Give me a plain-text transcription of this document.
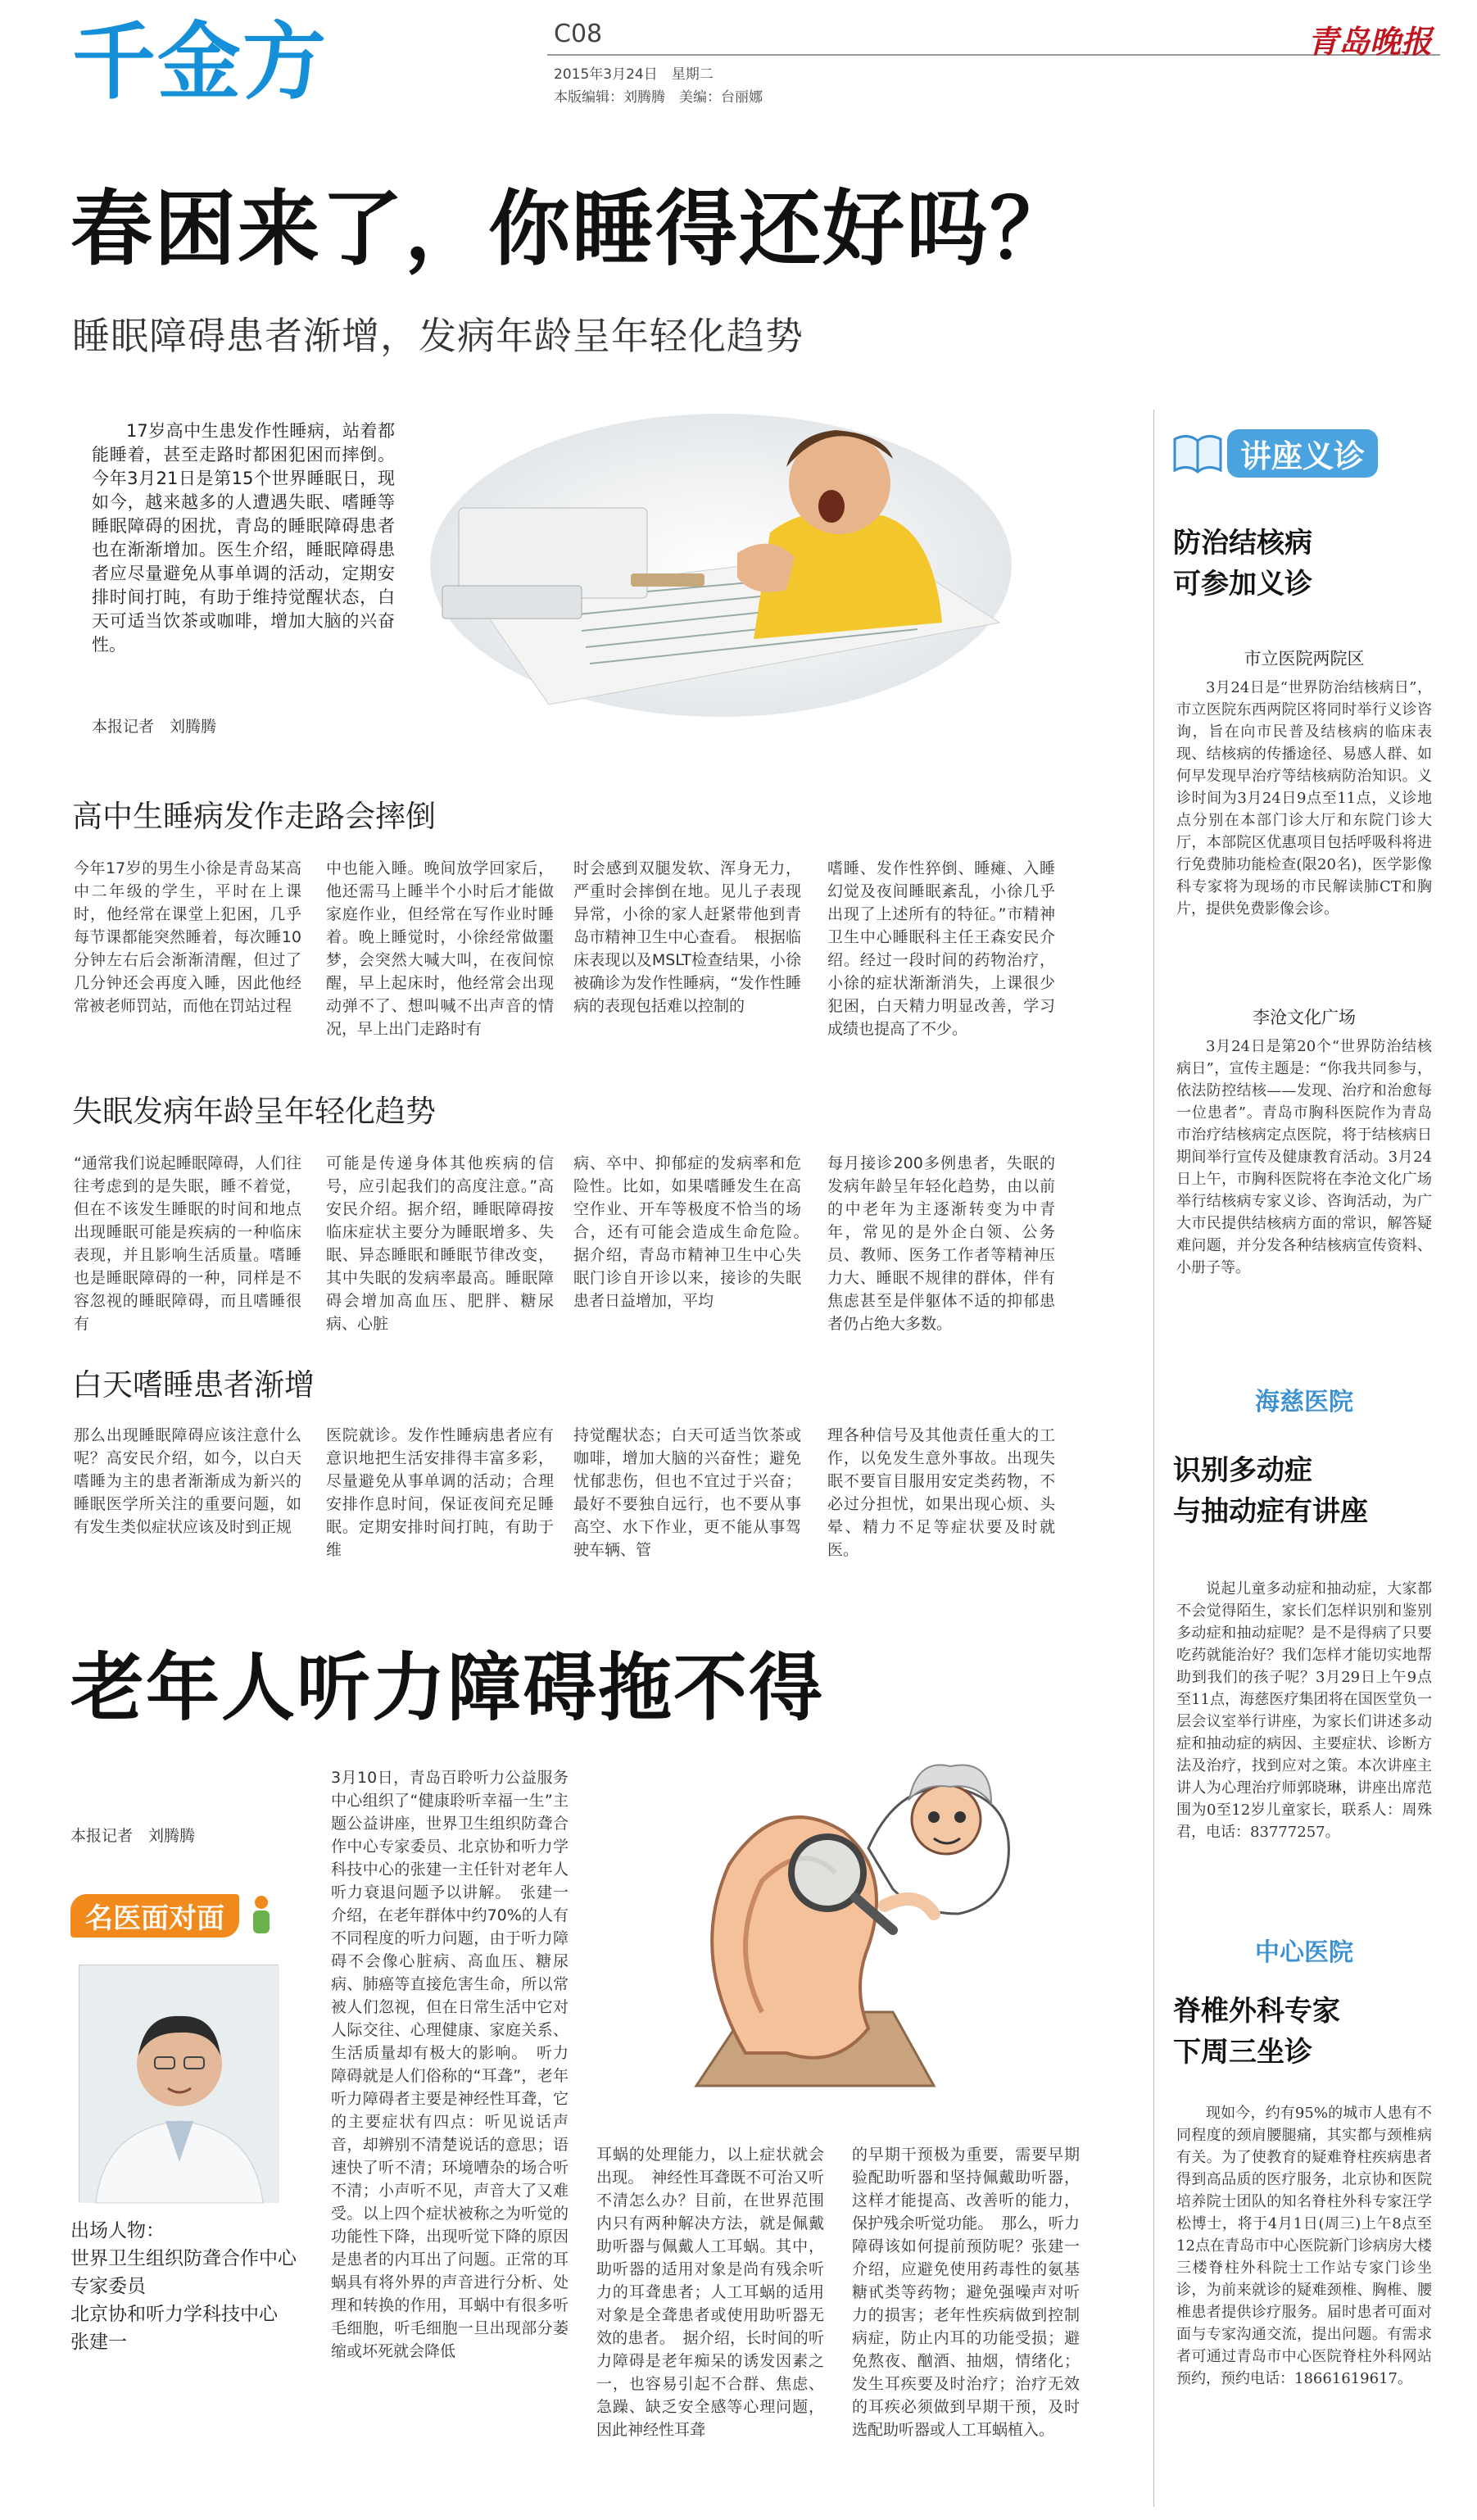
千金方	C08
2015年3月24日　星期二
本版编辑：刘腾腾　美编：台丽娜
青岛晚报
春困来了，你睡得还好吗？
睡眠障碍患者渐增，发病年龄呈年轻化趋势
17岁高中生患发作性睡病，站着都能睡着，甚至走路时都困犯困而摔倒。今年3月21日是第15个世界睡眠日，现如今，越来越多的人遭遇失眠、嗜睡等睡眠障碍的困扰，青岛的睡眠障碍患者也在渐渐增加。医生介绍，睡眠障碍患者应尽量避免从事单调的活动，定期安排时间打盹，有助于维持觉醒状态，白天可适当饮茶或咖啡，增加大脑的兴奋性。
本报记者　刘腾腾
高中生睡病发作走路会摔倒
今年17岁的男生小徐是青岛某高中二年级的学生，平时在上课时，他经常在课堂上犯困，几乎每节课都能突然睡着，每次睡10分钟左右后会渐渐清醒，但过了几分钟还会再度入睡，因此他经常被老师罚站，而他在罚站过程
中也能入睡。晚间放学回家后，他还需马上睡半个小时后才能做家庭作业，但经常在写作业时睡着。晚上睡觉时，小徐经常做噩梦，会突然大喊大叫，在夜间惊醒，早上起床时，他经常会出现动弹不了、想叫喊不出声音的情况，早上出门走路时有
时会感到双腿发软、浑身无力，严重时会摔倒在地。见儿子表现异常，小徐的家人赶紧带他到青岛市精神卫生中心查看。　根据临床表现以及MSLT检查结果，小徐被确诊为发作性睡病，“发作性睡病的表现包括难以控制的
嗜睡、发作性猝倒、睡瘫、入睡幻觉及夜间睡眠紊乱，小徐几乎出现了上述所有的特征。”市精神卫生中心睡眠科主任王森安民介绍。经过一段时间的药物治疗，小徐的症状渐渐消失，上课很少犯困，白天精力明显改善，学习成绩也提高了不少。
失眠发病年龄呈年轻化趋势
“通常我们说起睡眠障碍，人们往往考虑到的是失眠，睡不着觉，但在不该发生睡眠的时间和地点出现睡眠可能是疾病的一种临床表现，并且影响生活质量。嗜睡也是睡眠障碍的一种，同样是不容忽视的睡眠障碍，而且嗜睡很有
可能是传递身体其他疾病的信号，应引起我们的高度注意。”高安民介绍。据介绍，睡眠障碍按临床症状主要分为睡眠增多、失眠、异态睡眠和睡眠节律改变，其中失眠的发病率最高。睡眠障碍会增加高血压、肥胖、糖尿病、心脏
病、卒中、抑郁症的发病率和危险性。比如，如果嗜睡发生在高空作业、开车等极度不恰当的场合，还有可能会造成生命危险。　据介绍，青岛市精神卫生中心失眠门诊自开诊以来，接诊的失眠患者日益增加，平均
每月接诊200多例患者，失眠的发病年龄呈年轻化趋势，由以前的中老年为主逐渐转变为中青年，常见的是外企白领、公务员、教师、医务工作者等精神压力大、睡眠不规律的群体，伴有焦虑甚至是伴躯体不适的抑郁患者仍占绝大多数。
白天嗜睡患者渐增
那么出现睡眠障碍应该注意什么呢？高安民介绍，如今，以白天嗜睡为主的患者渐渐成为新兴的睡眠医学所关注的重要问题，如有发生类似症状应该及时到正规
医院就诊。发作性睡病患者应有意识地把生活安排得丰富多彩，尽量避免从事单调的活动；合理安排作息时间，保证夜间充足睡眠。定期安排时间打盹，有助于维
持觉醒状态；白天可适当饮茶或咖啡，增加大脑的兴奋性；避免忧郁悲伤，但也不宜过于兴奋；最好不要独自远行，也不要从事高空、水下作业，更不能从事驾驶车辆、管
理各种信号及其他责任重大的工作，以免发生意外事故。出现失眠不要盲目服用安定类药物，不必过分担忧，如果出现心烦、头晕、精力不足等症状要及时就医。
老年人听力障碍拖不得
本报记者　刘腾腾
名医面对面
出场人物：
世界卫生组织防聋合作中心
专家委员
北京协和听力学科技中心
张建一
3月10日，青岛百聆听力公益服务中心组织了“健康聆听幸福一生”主题公益讲座，世界卫生组织防聋合作中心专家委员、北京协和听力学科技中心的张建一主任针对老年人听力衰退问题予以讲解。　张建一介绍，在老年群体中约70%的人有不同程度的听力问题，由于听力障碍不会像心脏病、高血压、糖尿病、肺癌等直接危害生命，所以常被人们忽视，但在日常生活中它对人际交往、心理健康、家庭关系、生活质量却有极大的影响。　听力障碍就是人们俗称的“耳聋”，老年听力障碍者主要是神经性耳聋，它的主要症状有四点：听见说话声音，却辨别不清楚说话的意思；语速快了听不清；环境嘈杂的场合听不清；小声听不见，声音大了又难受。以上四个症状被称之为听觉的功能性下降，出现听觉下降的原因是患者的内耳出了问题。正常的耳蜗具有将外界的声音进行分析、处理和转换的作用，耳蜗中有很多听毛细胞，听毛细胞一旦出现部分萎缩或坏死就会降低
耳蜗的处理能力，以上症状就会出现。　神经性耳聋既不可治又听不清怎么办？目前，在世界范围内只有两种解决方法，就是佩戴助听器与佩戴人工耳蜗。其中，助听器的适用对象是尚有残余听力的耳聋患者；人工耳蜗的适用对象是全聋患者或使用助听器无效的患者。　据介绍，长时间的听力障碍是老年痴呆的诱发因素之一，也容易引起不合群、焦虑、急躁、缺乏安全感等心理问题，因此神经性耳聋
的早期干预极为重要，需要早期验配助听器和坚持佩戴助听器，这样才能提高、改善听的能力，保护残余听觉功能。　那么，听力障碍该如何提前预防呢？张建一介绍，应避免使用药毒性的氨基糖甙类等药物；避免强噪声对听力的损害；老年性疾病做到控制病症，防止内耳的功能受损；避免熬夜、酗酒、抽烟，情绪化；发生耳疾要及时治疗；治疗无效的耳疾必须做到早期干预，及时选配助听器或人工耳蜗植入。
讲座义诊
防治结核病
可参加义诊
市立医院两院区
3月24日是“世界防治结核病日”，市立医院东西两院区将同时举行义诊咨询，旨在向市民普及结核病的临床表现、结核病的传播途径、易感人群、如何早发现早治疗等结核病防治知识。义诊时间为3月24日9点至11点，义诊地点分别在本部门诊大厅和东院门诊大厅，本部院区优惠项目包括呼吸科将进行免费肺功能检查(限20名)，医学影像科专家将为现场的市民解读肺CT和胸片，提供免费影像会诊。
李沧文化广场
3月24日是第20个“世界防治结核病日”，宣传主题是：“你我共同参与，依法防控结核——发现、治疗和治愈每一位患者”。青岛市胸科医院作为青岛市治疗结核病定点医院，将于结核病日期间举行宣传及健康教育活动。3月24日上午，市胸科医院将在李沧文化广场举行结核病专家义诊、咨询活动，为广大市民提供结核病方面的常识，解答疑难问题，并分发各种结核病宣传资料、小册子等。
海慈医院
识别多动症
与抽动症有讲座
说起儿童多动症和抽动症，大家都不会觉得陌生，家长们怎样识别和鉴别多动症和抽动症呢？是不是得病了只要吃药就能治好？我们怎样才能切实地帮助到我们的孩子呢？3月29日上午9点至11点，海慈医疗集团将在国医堂负一层会议室举行讲座，为家长们讲述多动症和抽动症的病因、主要症状、诊断方法及治疗，找到应对之策。本次讲座主讲人为心理治疗师郭晓琳，讲座出席范围为0至12岁儿童家长，联系人：周殊君，电话：83777257。
中心医院
脊椎外科专家
下周三坐诊
现如今，约有95%的城市人患有不同程度的颈肩腰腿痛，其实都与颈椎病有关。为了使教育的疑难脊柱疾病患者得到高品质的医疗服务，北京协和医院培养院士团队的知名脊柱外科专家汪学松博士，将于4月1日(周三)上午8点至12点在青岛市中心医院新门诊病房大楼三楼脊柱外科院士工作站专家门诊坐诊，为前来就诊的疑难颈椎、胸椎、腰椎患者提供诊疗服务。届时患者可面对面与专家沟通交流，提出问题。有需求者可通过青岛市中心医院脊柱外科网站预约，预约电话：18661619617。
